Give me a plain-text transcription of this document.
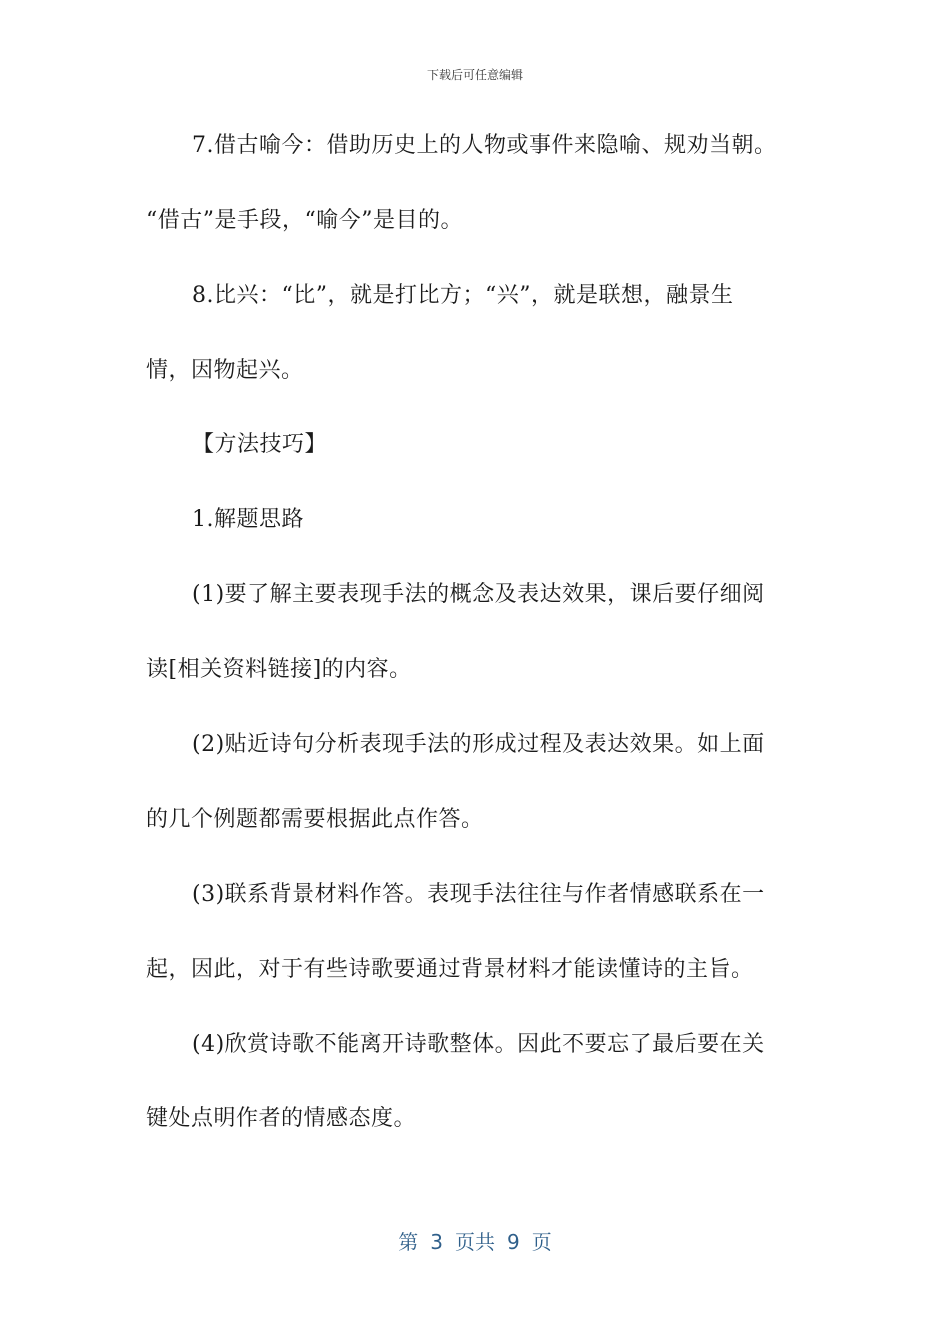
下载后可任意编辑
7.借古喻今：借助历史上的人物或事件来隐喻、规劝当朝。
“借古”是手段，“喻今”是目的。
8.比兴：“比”，就是打比方；“兴”，就是联想，融景生
情，因物起兴。
【方法技巧】
1.解题思路
(1)要了解主要表现手法的概念及表达效果，课后要仔细阅
读[相关资料链接]的内容。
(2)贴近诗句分析表现手法的形成过程及表达效果。如上面
的几个例题都需要根据此点作答。
(3)联系背景材料作答。表现手法往往与作者情感联系在一
起，因此，对于有些诗歌要通过背景材料才能读懂诗的主旨。
(4)欣赏诗歌不能离开诗歌整体。因此不要忘了最后要在关
键处点明作者的情感态度。
第 3 页共 9 页
